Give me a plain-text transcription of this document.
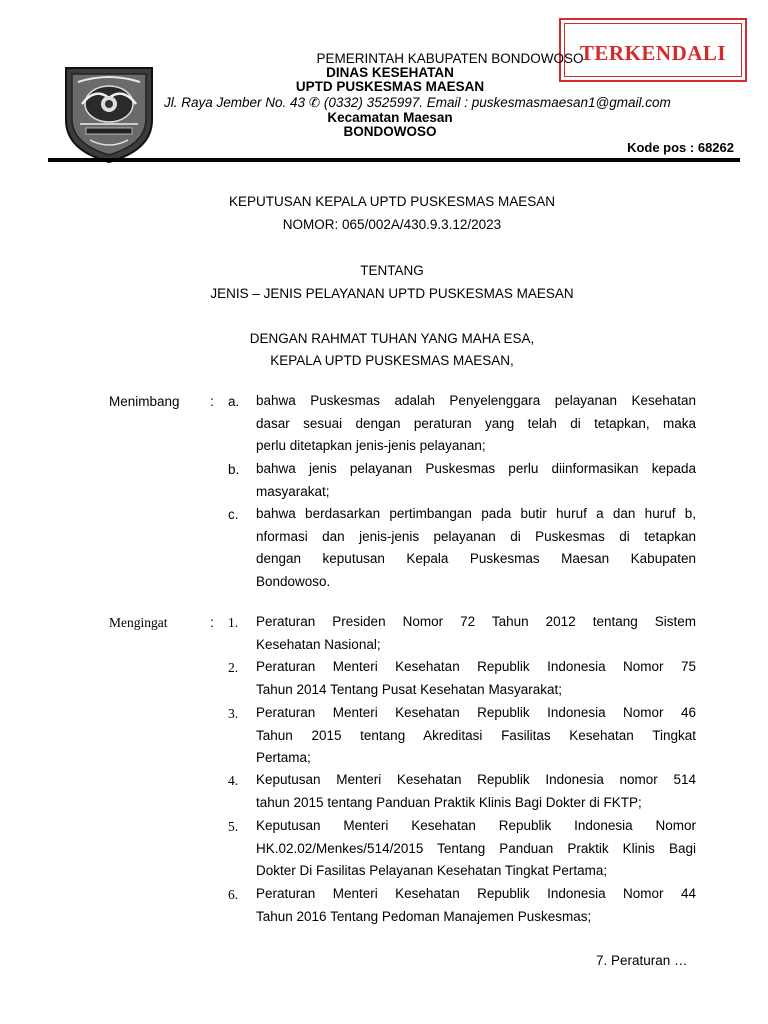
TERKENDALI
PEMERINTAH KABUPATEN BONDOWOSO
DINAS KESEHATAN
UPTD PUSKESMAS MAESAN
Jl. Raya Jember No. 43 ✆ (0332) 3525997. Email : puskesmasmaesan1@gmail.com
Kecamatan Maesan
BONDOWOSO
Kode pos : 68262
KEPUTUSAN KEPALA UPTD PUSKESMAS MAESAN
NOMOR: 065/002A/430.9.3.12/2023
TENTANG
JENIS – JENIS PELAYANAN UPTD PUSKESMAS MAESAN
DENGAN RAHMAT TUHAN YANG MAHA ESA,
KEPALA UPTD PUSKESMAS MAESAN,
Menimbang : a. bahwa Puskesmas adalah Penyelenggara pelayanan Kesehatan
dasar sesuai dengan peraturan yang telah di tetapkan, maka
perlu ditetapkan jenis-jenis pelayanan;
b. bahwa jenis pelayanan Puskesmas perlu diinformasikan kepada
masyarakat;
c. bahwa berdasarkan pertimbangan pada butir huruf a dan huruf b,
nformasi dan jenis-jenis pelayanan di Puskesmas di tetapkan
dengan keputusan Kepala Puskesmas Maesan Kabupaten
Bondowoso.
Mengingat	: 1. Peraturan Presiden Nomor 72 Tahun 2012 tentang Sistem
Kesehatan Nasional;
2. Peraturan Menteri Kesehatan Republik Indonesia Nomor 75
Tahun 2014 Tentang Pusat Kesehatan Masyarakat;
3. Peraturan Menteri Kesehatan Republik Indonesia Nomor 46
Tahun 2015 tentang Akreditasi Fasilitas Kesehatan Tingkat
Pertama;
4. Keputusan Menteri Kesehatan Republik Indonesia nomor 514
tahun 2015 tentang Panduan Praktik Klinis Bagi Dokter di FKTP;
5. Keputusan Menteri Kesehatan Republik Indonesia Nomor
HK.02.02/Menkes/514/2015 Tentang Panduan Praktik Klinis Bagi
Dokter Di Fasilitas Pelayanan Kesehatan Tingkat Pertama;
6. Peraturan Menteri Kesehatan Republik Indonesia Nomor 44
Tahun 2016 Tentang Pedoman Manajemen Puskesmas;
7. Peraturan …
